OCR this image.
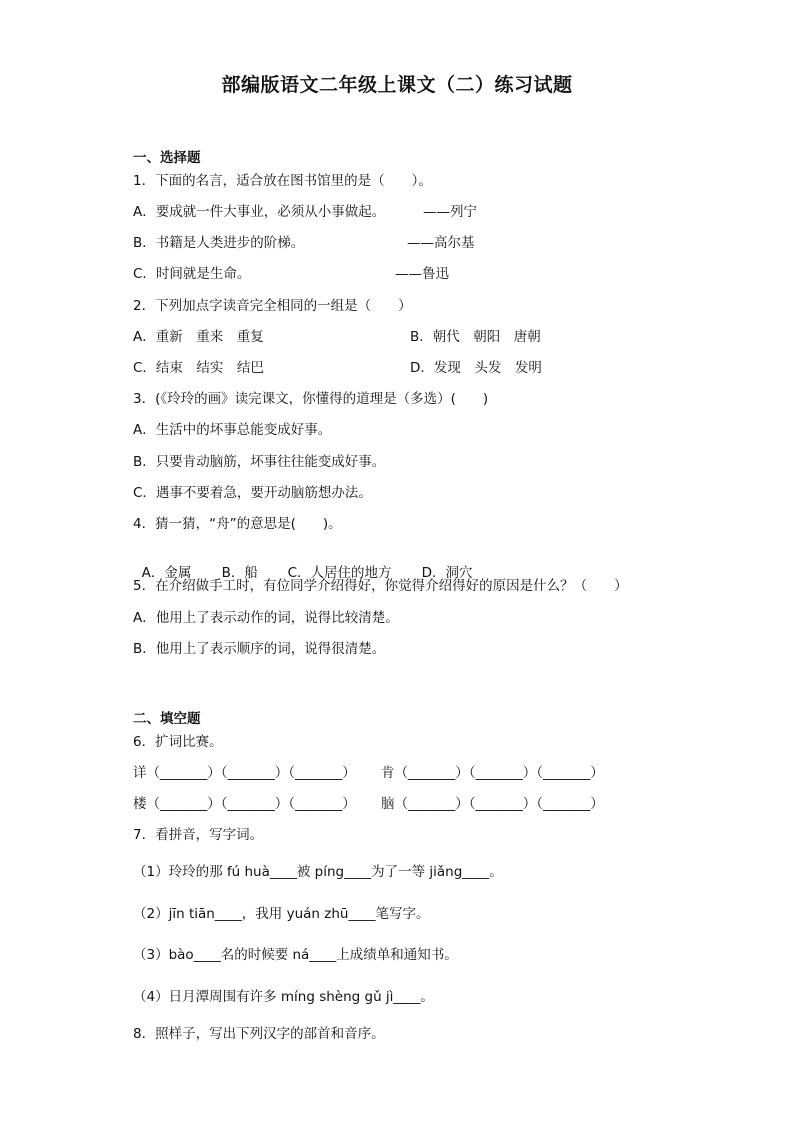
部编版语文二年级上课文（二）练习试题
一、选择题
1．下面的名言，适合放在图书馆里的是（　　）。
A．要成就一件大事业，必须从小事做起。	——列宁
B．书籍是人类进步的阶梯。	——高尔基
C．时间就是生命。	——鲁迅
2．下列加点字读音完全相同的一组是（　　）
A．重新　重来　重复	B．朝代　朝阳　唐朝
C．结束　结实　结巴	D．发现　头发　发明
3．(《玲玲的画》读完课文，你懂得的道理是（多选）(　　)
A．生活中的坏事总能变成好事。
B．只要肯动脑筋，坏事往往能变成好事。
C．遇事不要着急，要开动脑筋想办法。
4．猜一猜，“舟”的意思是(　　)。

A．金属 B．船 C．人居住的地方 D．洞穴

5．在介绍做手工时，有位同学介绍得好，你觉得介绍得好的原因是什么？（　　）
A．他用上了表示动作的词，说得比较清楚。
B．他用上了表示顺序的词，说得很清楚。
二、填空题
6．扩词比赛。
详（_______）（_______）（_______） 肯（_______）（_______）（_______）
楼（_______）（_______）（_______） 脑（_______）（_______）（_______）
7．看拼音，写字词。
（1）玲玲的那 fú huà____被 píng____为了一等 jiǎng____。
（2）jīn tiān____，我用 yuán zhū____笔写字。
（3）bào____名的时候要 ná____上成绩单和通知书。
（4）日月潭周围有许多 míng shèng gǔ jì____。
8．照样子，写出下列汉字的部首和音序。
